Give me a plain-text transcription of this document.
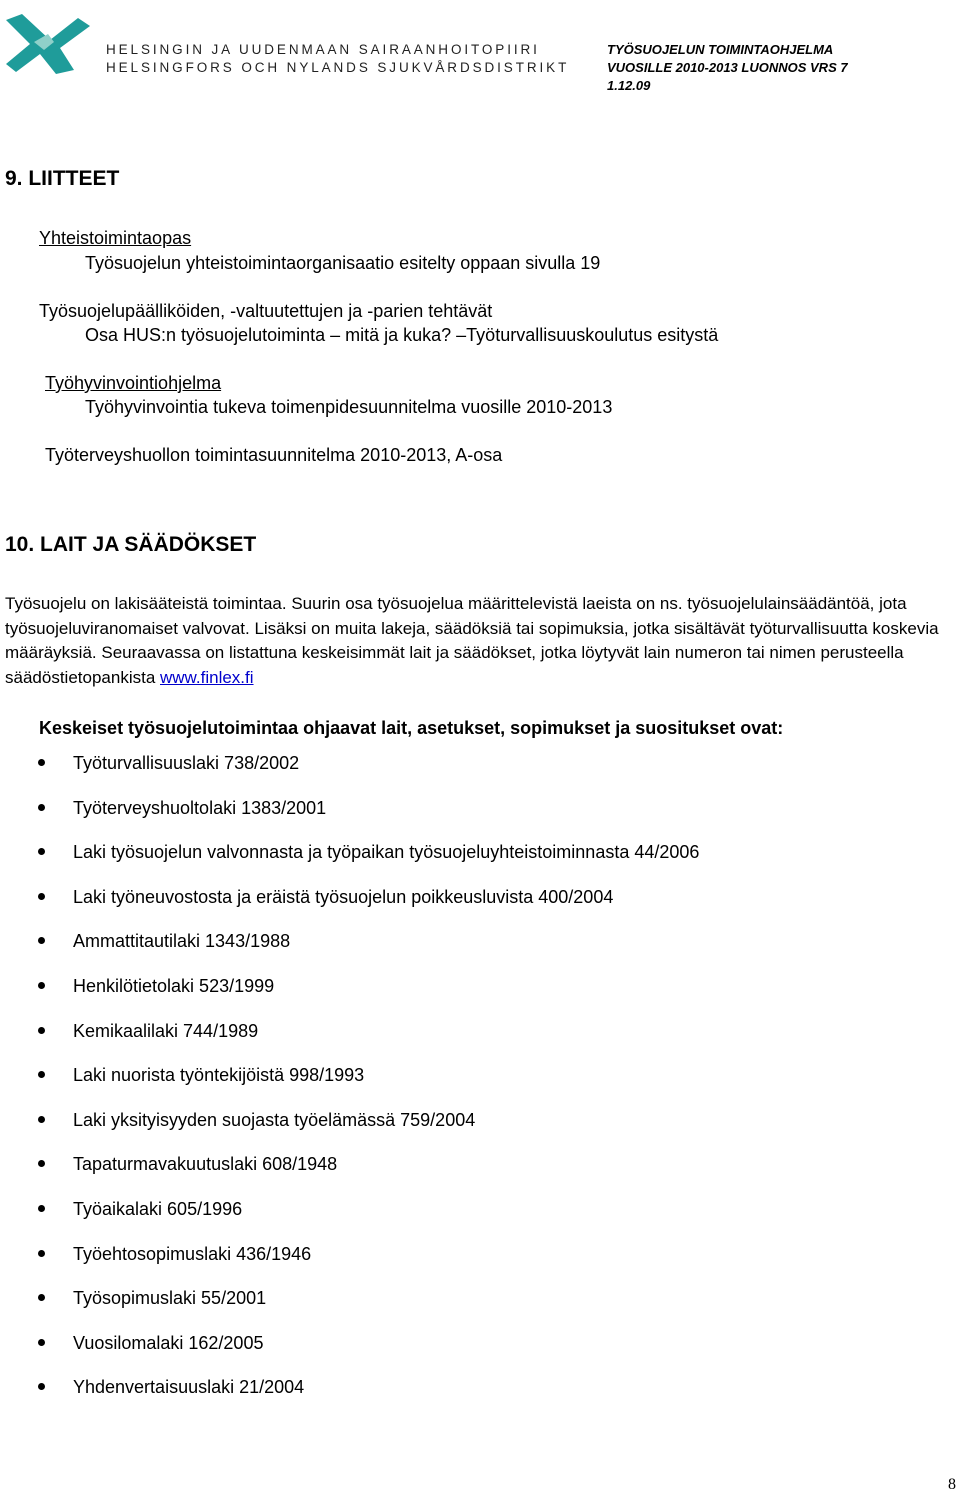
HELSINGIN JA UUDENMAAN SAIRAANHOITOPIIRI
HELSINGFORS OCH NYLANDS SJUKVÅRDSDISTRIKT
TYÖSUOJELUN TOIMINTAOHJELMA
VUOSILLE 2010-2013 LUONNOS VRS 7
1.12.09
9. LIITTEET
Yhteistoimintaopas
Työsuojelun yhteistoimintaorganisaatio esitelty oppaan sivulla 19
Työsuojelupäälliköiden, -valtuutettujen ja -parien tehtävät
Osa HUS:n työsuojelutoiminta – mitä ja kuka? –Työturvallisuuskoulutus esitystä
Työhyvinvointiohjelma
Työhyvinvointia tukeva toimenpidesuunnitelma vuosille 2010-2013
Työterveyshuollon toimintasuunnitelma 2010-2013, A-osa
10. LAIT JA SÄÄDÖKSET
Työsuojelu on lakisääteistä toimintaa. Suurin osa työsuojelua määrittelevistä laeista on ns. työsuojelulainsäädäntöä, jota työsuojeluviranomaiset valvovat. Lisäksi on muita lakeja, säädöksiä tai sopimuksia, jotka sisältävät työturvallisuutta koskevia määräyksiä. Seuraavassa on listattuna keskeisimmät lait ja säädökset, jotka löytyvät lain numeron tai nimen perusteella säädöstietopankista www.finlex.fi
Keskeiset työsuojelutoimintaa ohjaavat lait, asetukset, sopimukset ja suositukset ovat:
Työturvallisuuslaki 738/2002
Työterveyshuoltolaki 1383/2001
Laki työsuojelun valvonnasta ja työpaikan työsuojeluyhteistoiminnasta 44/2006
Laki työneuvostosta ja eräistä työsuojelun poikkeusluvista 400/2004
Ammattitautilaki 1343/1988
Henkilötietolaki 523/1999
Kemikaalilaki 744/1989
Laki nuorista työntekijöistä 998/1993
Laki yksityisyyden suojasta työelämässä 759/2004
Tapaturmavakuutuslaki 608/1948
Työaikalaki 605/1996
Työehtosopimuslaki 436/1946
Työsopimuslaki 55/2001
Vuosilomalaki 162/2005
Yhdenvertaisuuslaki 21/2004
8
